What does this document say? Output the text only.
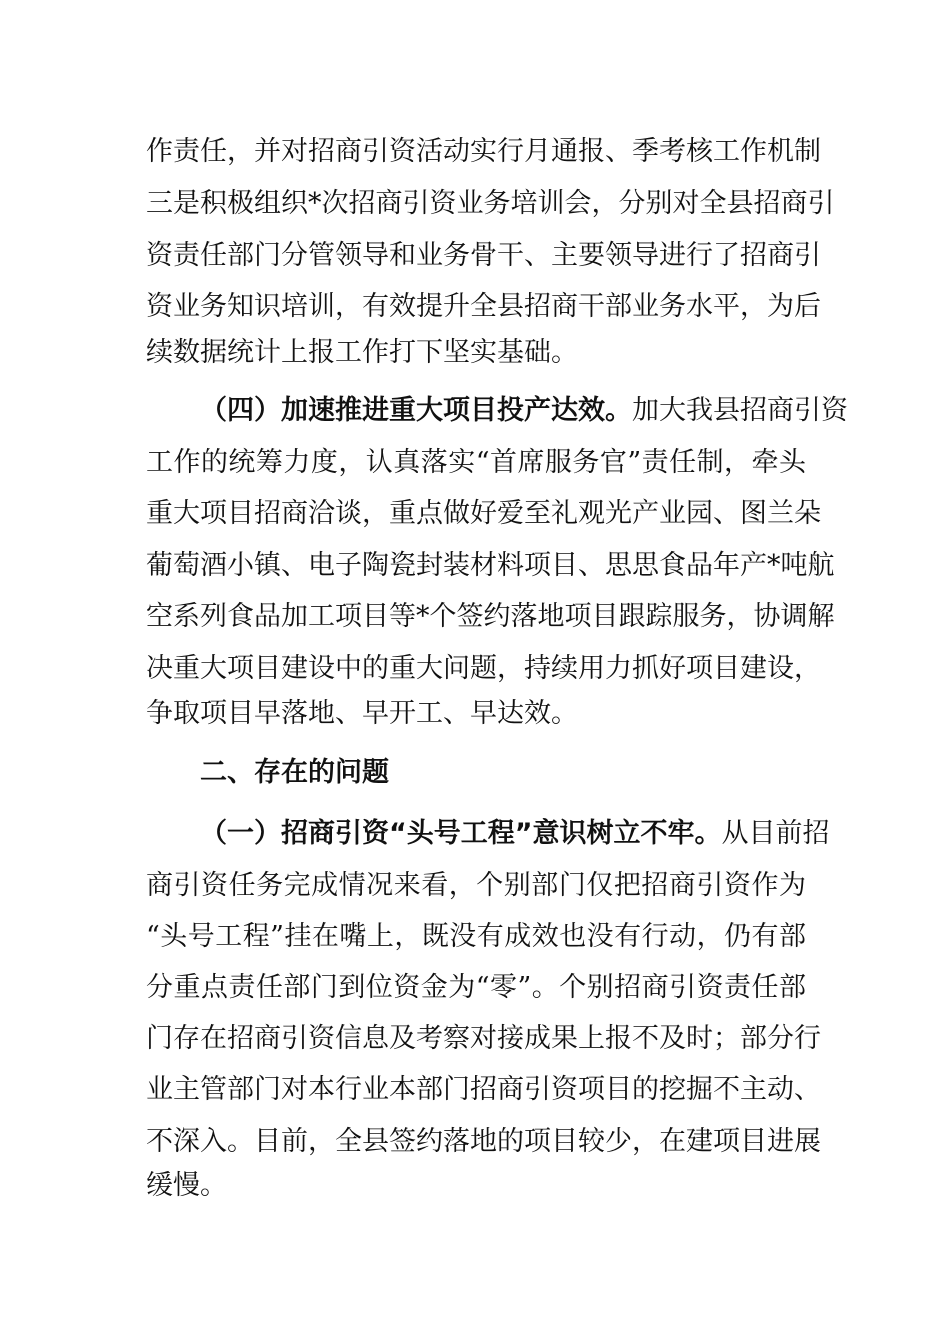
作责任，并对招商引资活动实行月通报、季考核工作机制
三是积极组织*次招商引资业务培训会，分别对全县招商引
资责任部门分管领导和业务骨干、主要领导进行了招商引
资业务知识培训，有效提升全县招商干部业务水平，为后
续数据统计上报工作打下坚实基础。
（四）加速推进重大项目投产达效。加大我县招商引资
工作的统筹力度，认真落实“首席服务官”责任制，牵头
重大项目招商洽谈，重点做好爱至礼观光产业园、图兰朵
葡萄酒小镇、电子陶瓷封装材料项目、思思食品年产*吨航
空系列食品加工项目等*个签约落地项目跟踪服务，协调解
决重大项目建设中的重大问题，持续用力抓好项目建设，
争取项目早落地、早开工、早达效。
二、存在的问题
（一）招商引资“头号工程”意识树立不牢。从目前招
商引资任务完成情况来看，个别部门仅把招商引资作为
“头号工程”挂在嘴上，既没有成效也没有行动，仍有部
分重点责任部门到位资金为“零”。个别招商引资责任部
门存在招商引资信息及考察对接成果上报不及时；部分行
业主管部门对本行业本部门招商引资项目的挖掘不主动、
不深入。目前，全县签约落地的项目较少，在建项目进展
缓慢。
